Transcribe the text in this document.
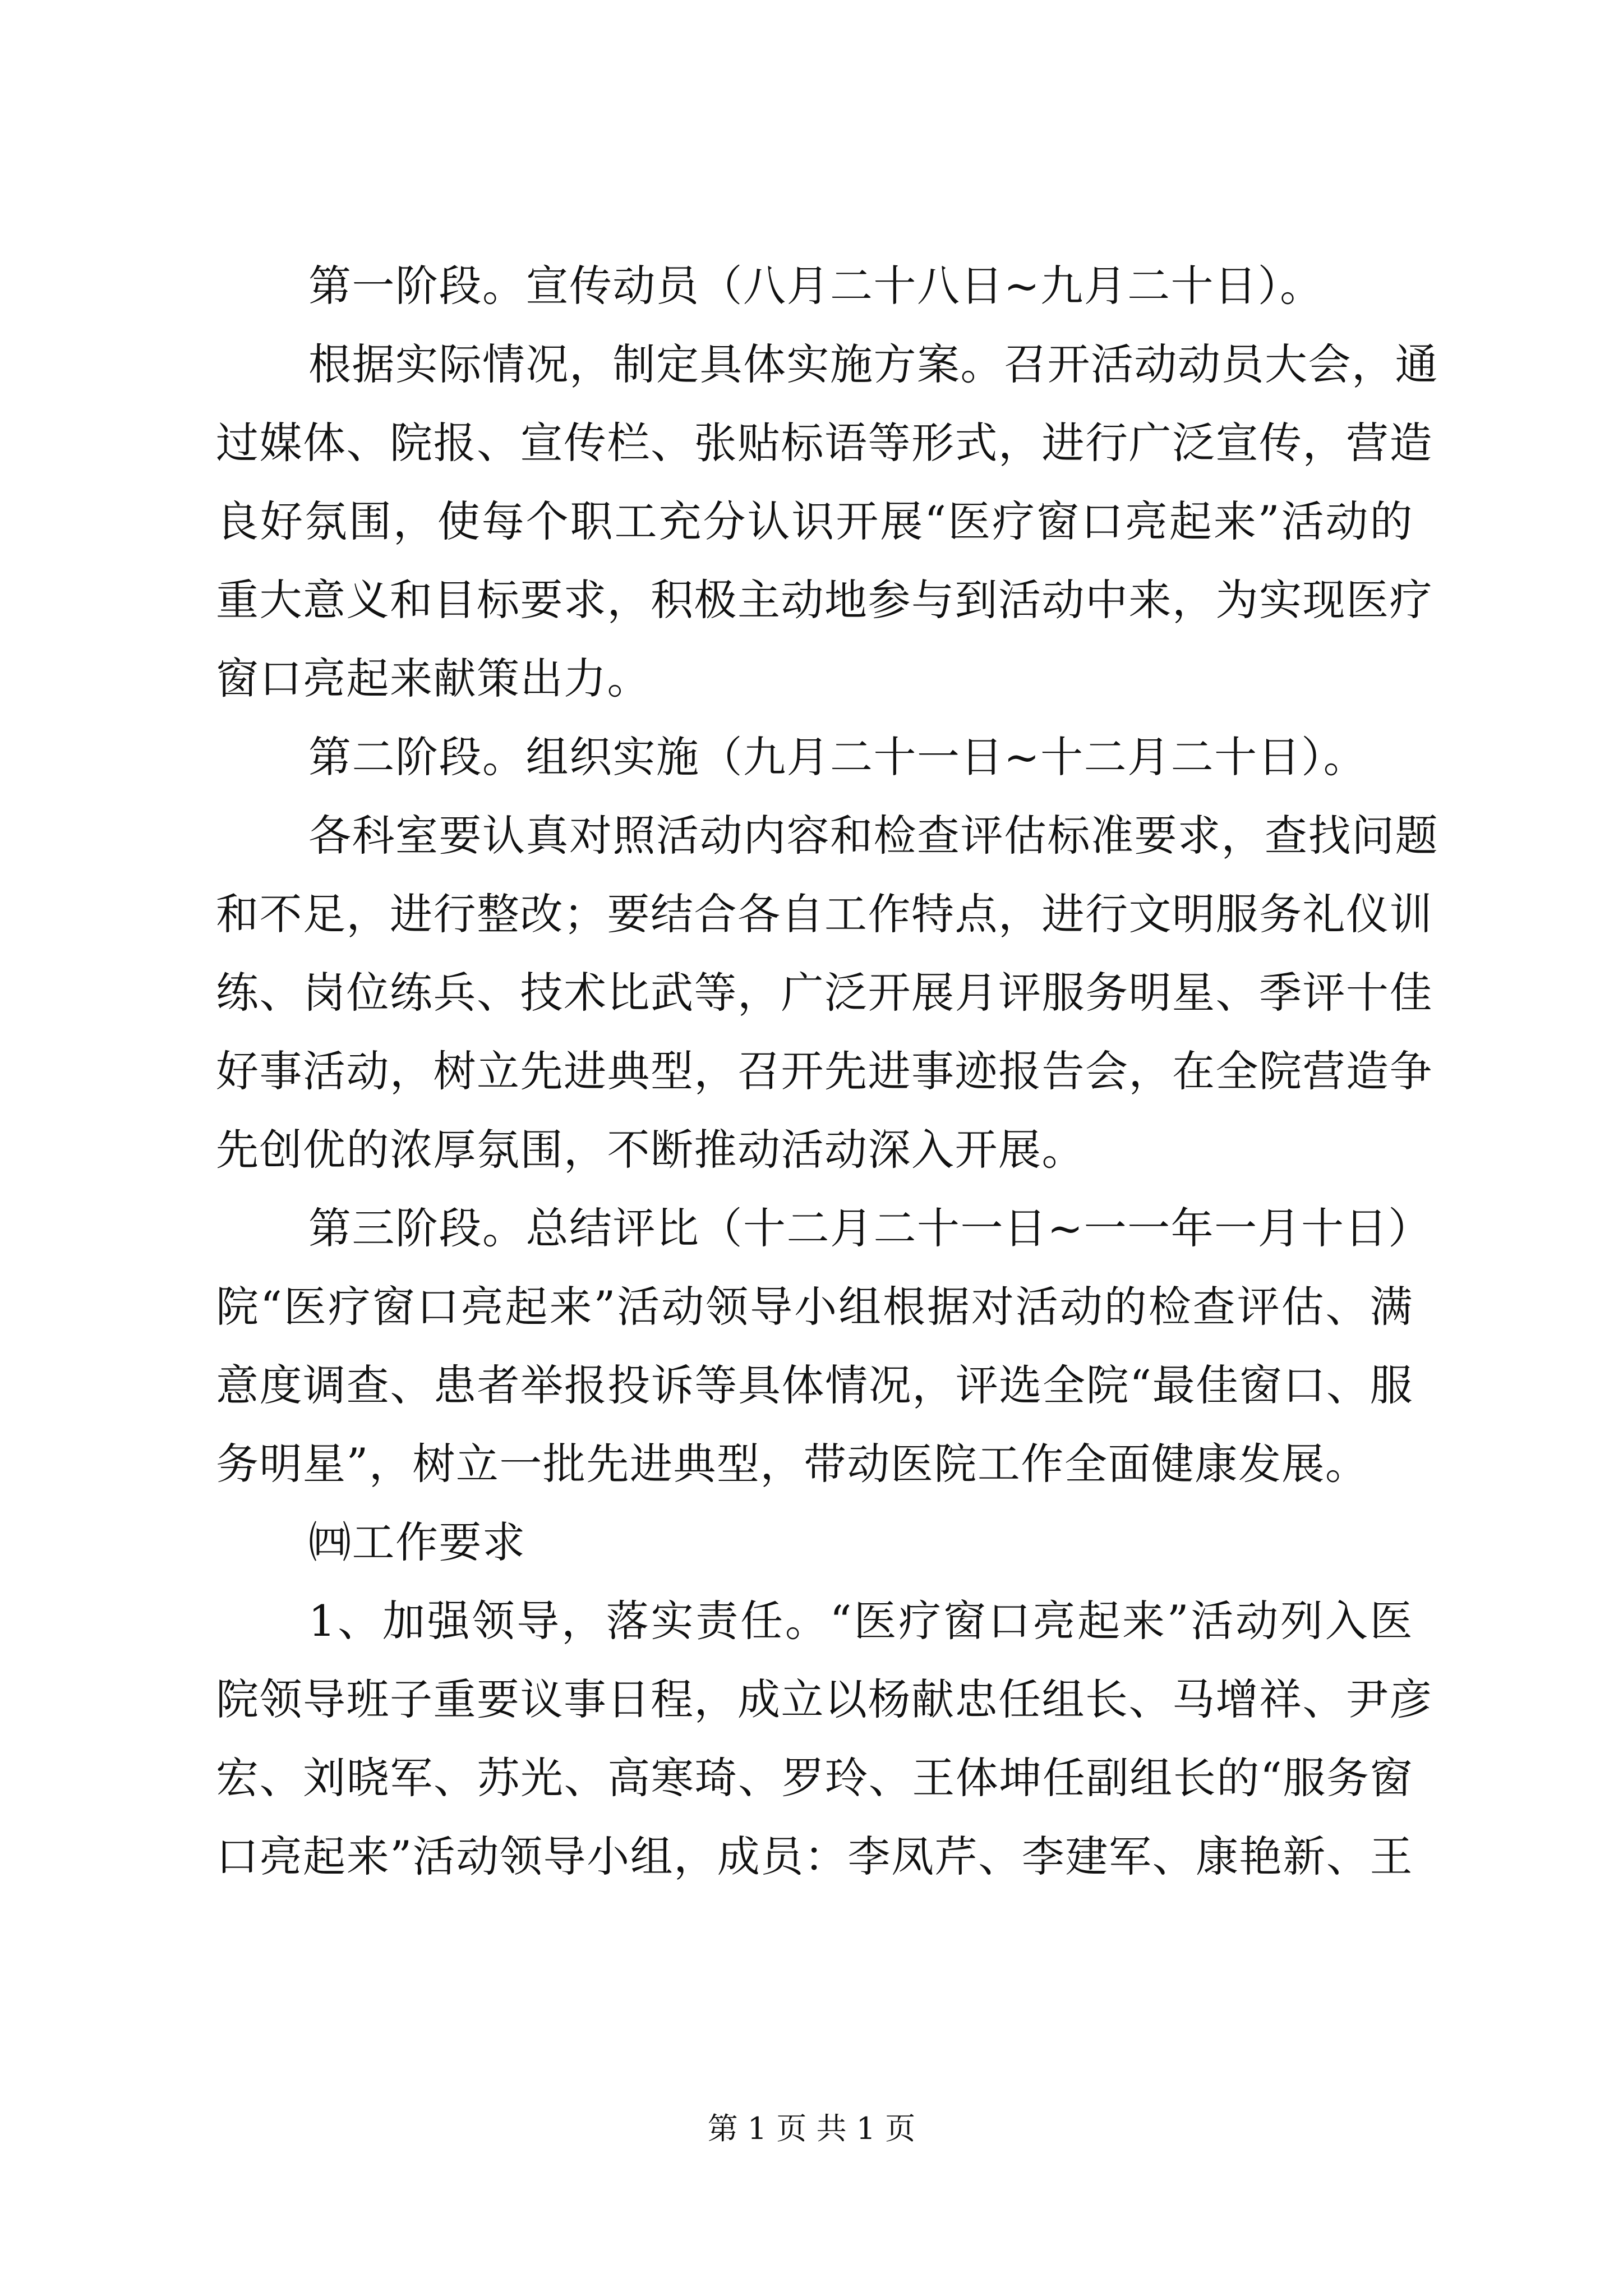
第一阶段。宣传动员（八月二十八日~九月二十日）。
根据实际情况，制定具体实施方案。召开活动动员大会，通
过媒体、院报、宣传栏、张贴标语等形式，进行广泛宣传，营造
良好氛围，使每个职工充分认识开展“医疗窗口亮起来”活动的
重大意义和目标要求，积极主动地参与到活动中来，为实现医疗
窗口亮起来献策出力。
第二阶段。组织实施（九月二十一日~十二月二十日）。
各科室要认真对照活动内容和检查评估标准要求，查找问题
和不足，进行整改；要结合各自工作特点，进行文明服务礼仪训
练、岗位练兵、技术比武等，广泛开展月评服务明星、季评十佳
好事活动，树立先进典型，召开先进事迹报告会，在全院营造争
先创优的浓厚氛围，不断推动活动深入开展。
第三阶段。总结评比（十二月二十一日~一一年一月十日）
院“医疗窗口亮起来”活动领导小组根据对活动的检查评估、满
意度调查、患者举报投诉等具体情况，评选全院“最佳窗口、服
务明星”，树立一批先进典型，带动医院工作全面健康发展。
㈣工作要求
1、加强领导，落实责任。“医疗窗口亮起来”活动列入医
院领导班子重要议事日程，成立以杨献忠任组长、马增祥、尹彦
宏、刘晓军、苏光、高寒琦、罗玲、王体坤任副组长的“服务窗
口亮起来”活动领导小组，成员：李凤芹、李建军、康艳新、王
第 1 页 共 1 页
